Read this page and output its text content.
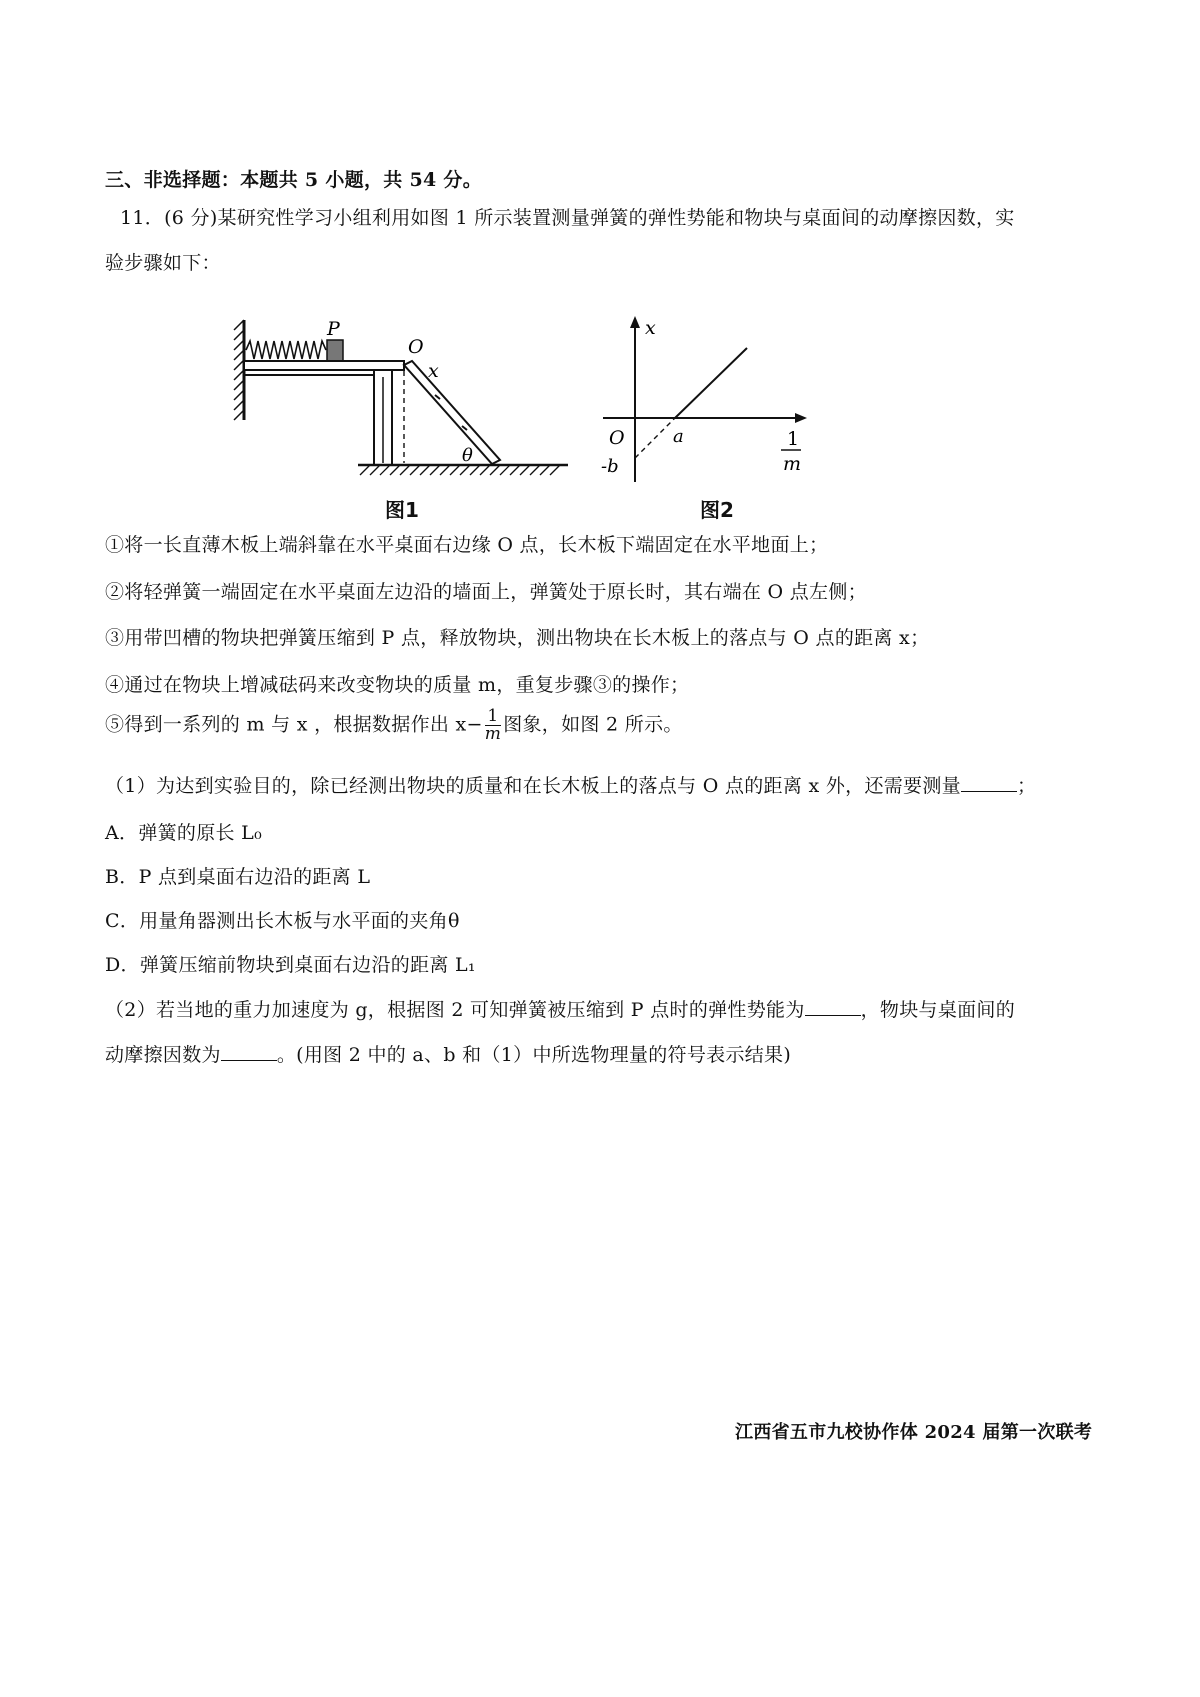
三、非选择题：本题共 5 小题，共 54 分。
11．(6 分)某研究性学习小组利用如图 1 所示装置测量弹簧的弹性势能和物块与桌面间的动摩擦因数，实
验步骤如下：
P
O
x
θ
图1
x
O	a
-b
1
m
图2
①将一长直薄木板上端斜靠在水平桌面右边缘 O 点，长木板下端固定在水平地面上；
②将轻弹簧一端固定在水平桌面左边沿的墙面上，弹簧处于原长时，其右端在 O 点左侧；
③用带凹槽的物块把弹簧压缩到 P 点，释放物块，测出物块在长木板上的落点与 O 点的距离 x；
④通过在物块上增减砝码来改变物块的质量 m，重复步骤③的操作；
⑤得到一系列的 m 与 x ，根据数据作出 $x- \frac{1}{m}$ 图象，如图 2 所示。
（1）为达到实验目的，除已经测出物块的质量和在长木板上的落点与 O 点的距离 x 外，还需要测量	；
A．弹簧的原长 L₀
B．P 点到桌面右边沿的距离 L
C．用量角器测出长木板与水平面的夹角θ
D．弹簧压缩前物块到桌面右边沿的距离 L₁
（2）若当地的重力加速度为 g，根据图 2 可知弹簧被压缩到 P 点时的弹性势能为	，物块与桌面间的
动摩擦因数为	。(用图 2 中的 a、b 和（1）中所选物理量的符号表示结果)
江西省五市九校协作体 2024 届第一次联考
